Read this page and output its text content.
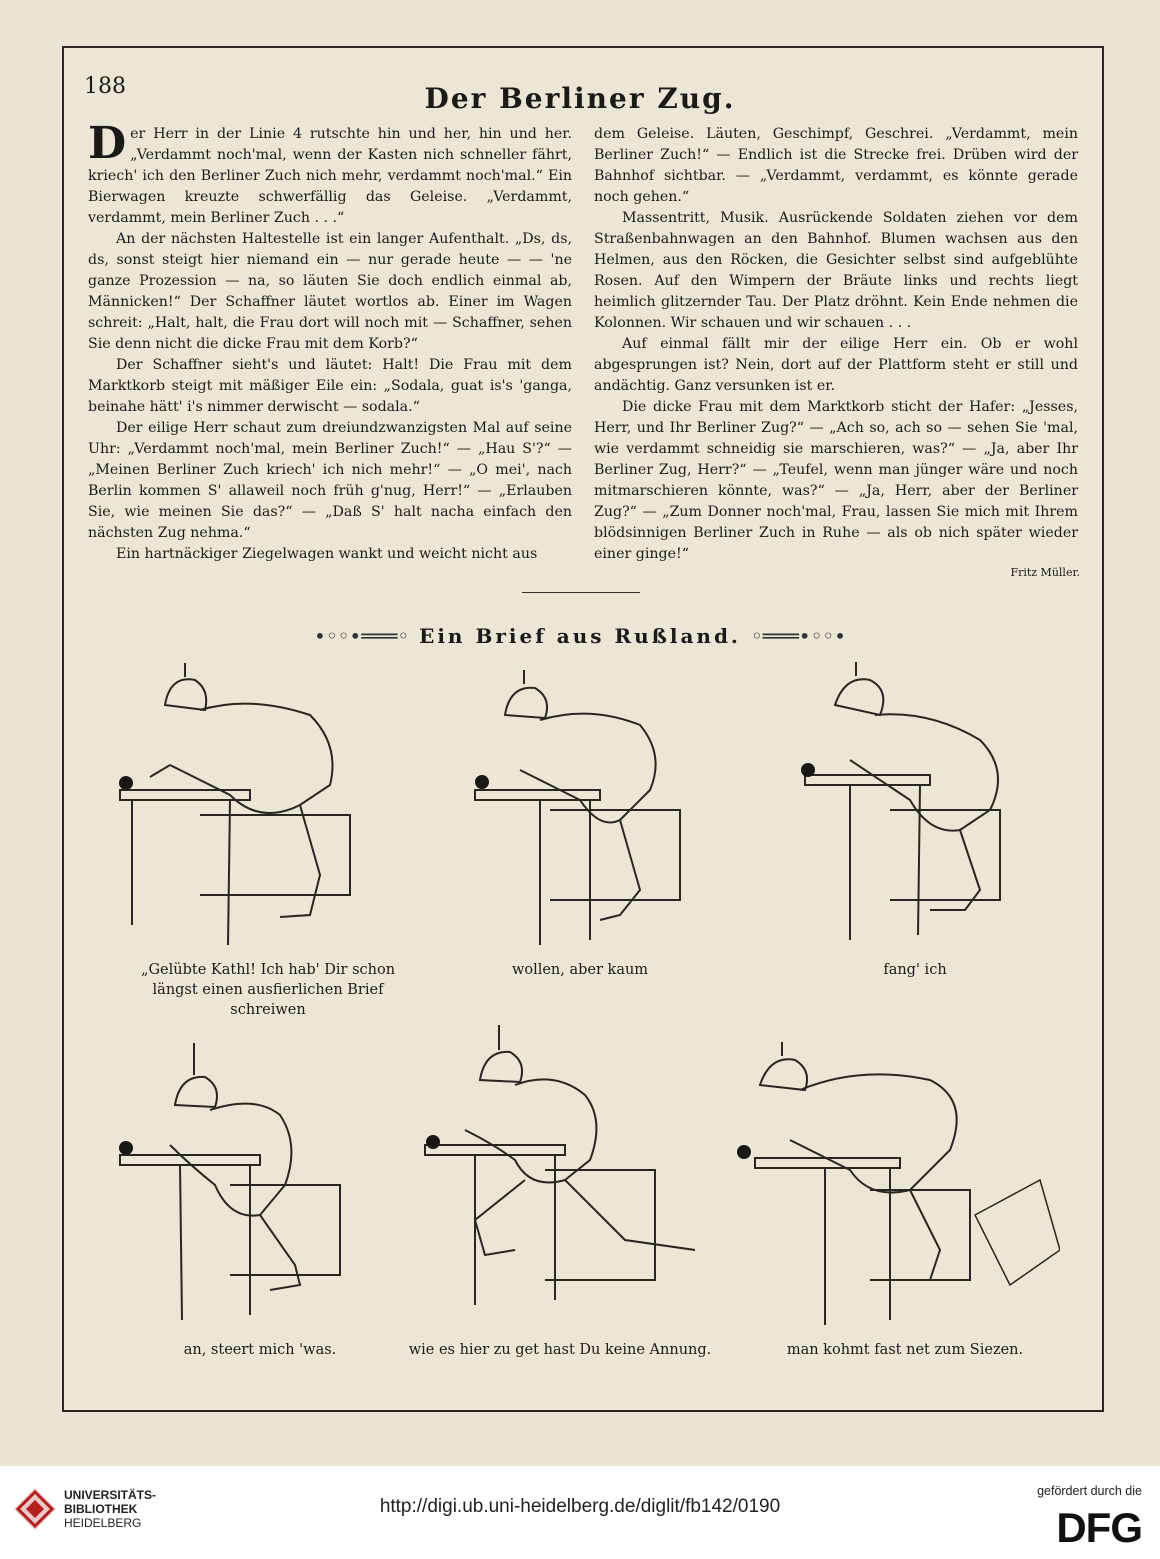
188	Der Berliner Zug.

Der Herr in der Linie 4 rutschte hin und her, hin und her. „Verdammt noch'mal, wenn der Kasten nich schneller fährt, kriech' ich den Berliner Zuch nich mehr, verdammt noch'mal.“ Ein Bierwagen kreuzte schwerfällig das Geleise. „Verdammt, verdammt, mein Berliner Zuch . . .“

An der nächsten Haltestelle ist ein langer Aufenthalt. „Ds, ds, ds, sonst steigt hier niemand ein — nur gerade heute — — 'ne ganze Prozession — na, so läuten Sie doch endlich einmal ab, Männicken!“ Der Schaffner läutet wortlos ab. Einer im Wagen schreit: „Halt, halt, die Frau dort will noch mit — Schaffner, sehen Sie denn nicht die dicke Frau mit dem Korb?“

Der Schaffner sieht's und läutet: Halt! Die Frau mit dem Marktkorb steigt mit mäßiger Eile ein: „Sodala, guat is's 'ganga, beinahe hätt' i's nimmer derwischt — sodala.“

Der eilige Herr schaut zum dreiundzwanzigsten Mal auf seine Uhr: „Verdammt noch'mal, mein Berliner Zuch!“ — „Hau S'?“ — „Meinen Berliner Zuch kriech' ich nich mehr!“ — „O mei', nach Berlin kommen S' allaweil noch früh g'nug, Herr!“ — „Erlauben Sie, wie meinen Sie das?“ — „Daß S' halt nacha einfach den nächsten Zug nehma.“

Ein hartnäckiger Ziegelwagen wankt und weicht nicht aus

dem Geleise. Läuten, Geschimpf, Geschrei. „Verdammt, mein Berliner Zuch!“ — Endlich ist die Strecke frei. Drüben wird der Bahnhof sichtbar. — „Verdammt, verdammt, es könnte gerade noch gehen.“

Massentritt, Musik. Ausrückende Soldaten ziehen vor dem Straßenbahnwagen an den Bahnhof. Blumen wachsen aus den Helmen, aus den Röcken, die Gesichter selbst sind aufgeblühte Rosen. Auf den Wimpern der Bräute links und rechts liegt heimlich glitzernder Tau. Der Platz dröhnt. Kein Ende nehmen die Kolonnen. Wir schauen und wir schauen . . .

Auf einmal fällt mir der eilige Herr ein. Ob er wohl abgesprungen ist? Nein, dort auf der Plattform steht er still und andächtig. Ganz versunken ist er.

Die dicke Frau mit dem Marktkorb sticht der Hafer: „Jesses, Herr, und Ihr Berliner Zug?“ — „Ach so, ach so — sehen Sie 'mal, wie verdammt schneidig sie marschieren, was?“ — „Ja, aber Ihr Berliner Zug, Herr?“ — „Teufel, wenn man jünger wäre und noch mitmarschieren könnte, was?“ — „Ja, Herr, aber der Berliner Zug?“ — „Zum Donner noch'mal, Frau, lassen Sie mich mit Ihrem blödsinnigen Berliner Zuch in Ruhe — als ob nich später wieder einer ginge!“

Fritz Müller.
•◦◦•═══◦ Ein Brief aus Rußland. ◦═══•◦◦•
„Gelübte Kathl! Ich hab' Dir schon längst einen ausfierlichen Brief schreiwen
wollen, aber kaum	fang' ich
an, steert mich 'was.	wie es hier zu get hast Du keine Annung.	man kohmt fast net zum Siezen.
UNIVERSITÄTS-
BIBLIOTHEK
HEIDELBERG
http://digi.ub.uni-heidelberg.de/diglit/fb142/0190
gefördert durch die
DFG
